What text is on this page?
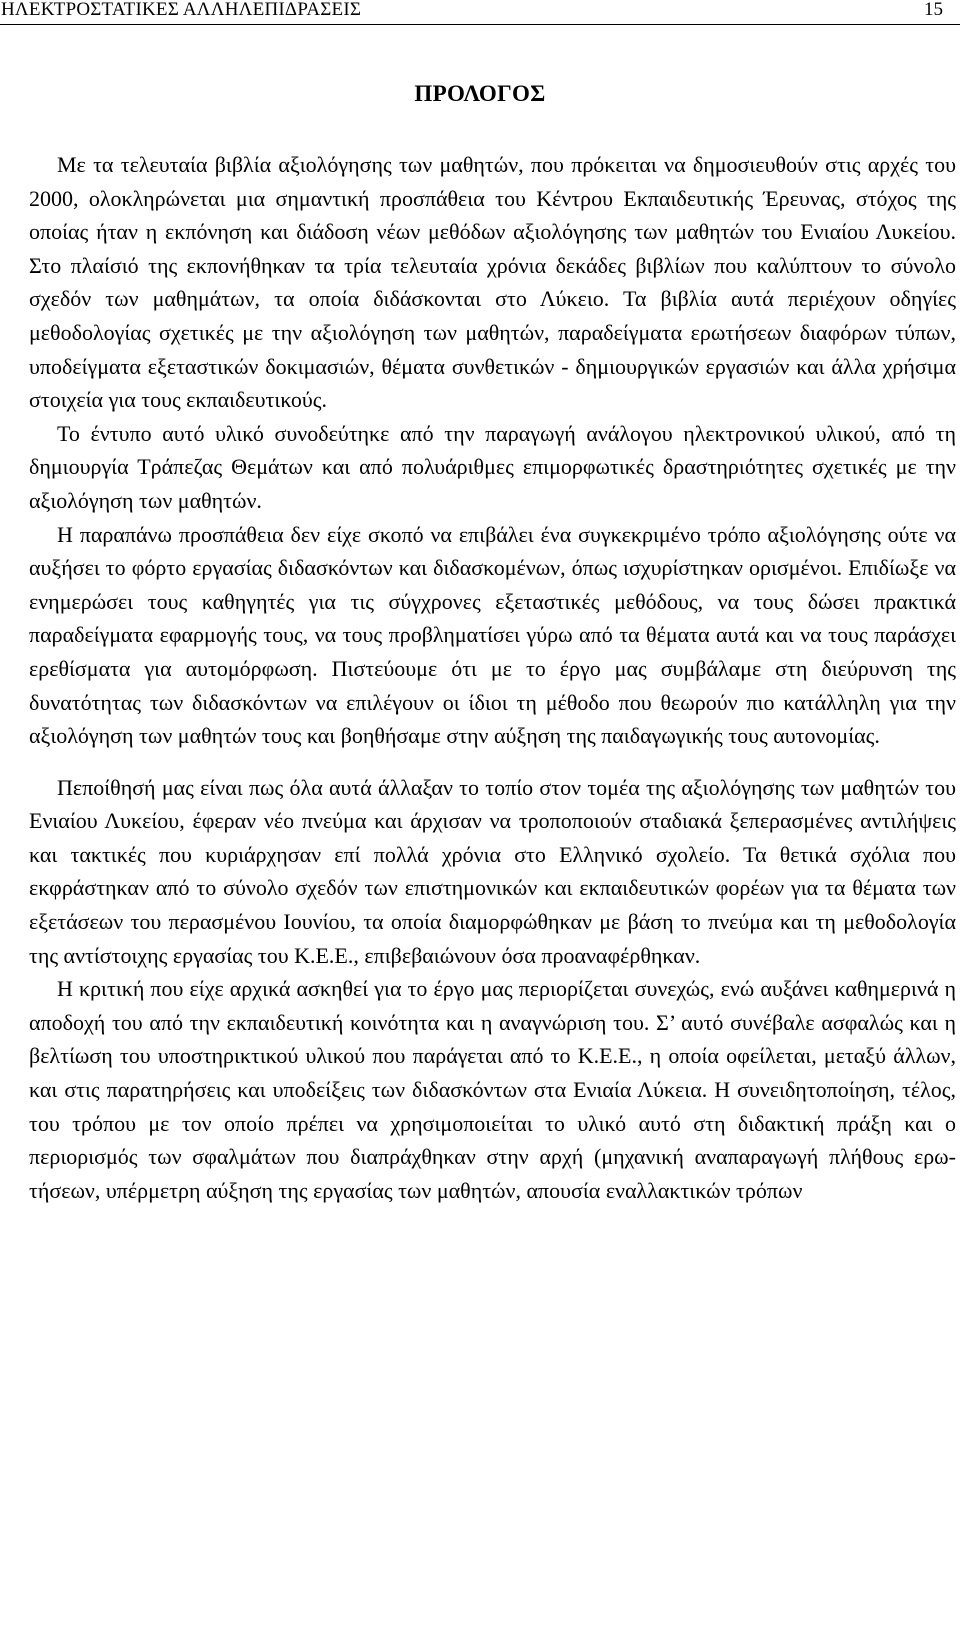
ΗΛΕΚΤΡΟΣΤΑΤΙΚΕΣ ΑΛΛΗΛΕΠΙΔΡΑΣΕΙΣ	15
ΠΡΟΛΟΓΟΣ

Με τα τελευταία βιβλία αξιολόγησης των μαθητών, που πρόκειται να δημοσιευθούν στις αρχές του 2000, ολοκληρώνεται μια σημαντική προσπάθεια του Κέντρου Εκπαιδευτικής Έρευνας, στόχος της οποίας ήταν η εκπόνηση και διάδοση νέων μεθόδων αξιολόγησης των μαθητών του Ενιαίου Λυκείου. Στο πλαίσιό της εκπονήθηκαν τα τρία τελευταία χρόνια δεκάδες βιβλίων που καλύπτουν το σύνολο σχεδόν των μαθημάτων, τα οποία διδάσκονται στο Λύκειο. Τα βιβλία αυτά περιέχουν οδηγίες μεθοδολογίας σχετικές με την αξιολόγηση των μαθητών, παραδείγματα ερωτήσεων διαφόρων τύπων, υποδείγματα εξεταστικών δοκιμασιών, θέματα συνθετικών - δημιουργικών εργασιών και άλλα χρήσιμα στοιχεία για τους εκπαιδευτικούς.

Το έντυπο αυτό υλικό συνοδεύτηκε από την παραγωγή ανάλογου ηλεκτρονικού υλικού, από τη δημιουργία Τράπεζας Θεμάτων και από πολυάριθμες επιμορφωτικές δραστηριότητες σχετικές με την αξιολόγηση των μαθητών.

Η παραπάνω προσπάθεια δεν είχε σκοπό να επιβάλει ένα συγκεκριμένο τρόπο αξιολόγησης ούτε να αυξήσει το φόρτο εργασίας διδασκόντων και διδασκομένων, όπως ισχυρίστηκαν ορισμένοι. Επιδίωξε να ενημερώσει τους καθηγητές για τις σύγχρονες εξεταστικές μεθόδους, να τους δώσει πρακτικά παραδείγματα εφαρμογής τους, να τους προβληματίσει γύρω από τα θέματα αυτά και να τους παράσχει ερεθίσματα για αυτομόρφωση. Πιστεύουμε ότι με το έργο μας συμβάλαμε στη διεύρυνση της δυνατότητας των διδασκόντων να επιλέγουν οι ίδιοι τη μέθοδο που θεωρούν πιο κατάλληλη για την αξιολόγηση των μαθητών τους και βοηθήσαμε στην αύξηση της παιδαγωγικής τους αυτονομίας.

Πεποίθησή μας είναι πως όλα αυτά άλλαξαν το τοπίο στον τομέα της αξιολόγησης των μαθητών του Ενιαίου Λυκείου, έφεραν νέο πνεύμα και άρχισαν να τροποποιούν σταδιακά ξεπερασμένες αντιλήψεις και τακτικές που κυριάρχησαν επί πολλά χρόνια στο Ελληνικό σχολείο. Τα θετικά σχόλια που εκφράστηκαν από το σύνολο σχεδόν των επιστημονικών και εκπαιδευτικών φορέων για τα θέματα των εξετάσεων του περασμένου Ιουνίου, τα οποία διαμορφώθηκαν με βάση το πνεύμα και τη μεθοδολογία της αντίστοιχης εργασίας του Κ.Ε.Ε., επιβεβαιώνουν όσα προαναφέρθηκαν.

Η κριτική που είχε αρχικά ασκηθεί για το έργο μας περιορίζεται συνεχώς, ενώ αυξάνει καθημερινά η αποδοχή του από την εκπαιδευτική κοινότητα και η αναγνώριση του. Σ’ αυτό συνέβαλε ασφαλώς και η βελτίωση του υποστηρικτικού υλικού που παράγεται από το Κ.Ε.Ε., η οποία οφείλεται, μεταξύ άλλων, και στις παρατηρήσεις και υποδείξεις των διδασκόντων στα Ενιαία Λύκεια. Η συνειδητοποίηση, τέλος, του τρόπου με τον οποίο πρέπει να χρησιμοποιείται το υλικό αυτό στη διδακτική πράξη και ο περιορισμός των σφαλμάτων που διαπράχθηκαν στην αρχή (μηχανική αναπαραγωγή πλήθους ερωτήσεων, υπέρμετρη αύξηση της εργασίας των μαθητών, απουσία εναλλακτικών τρόπων
